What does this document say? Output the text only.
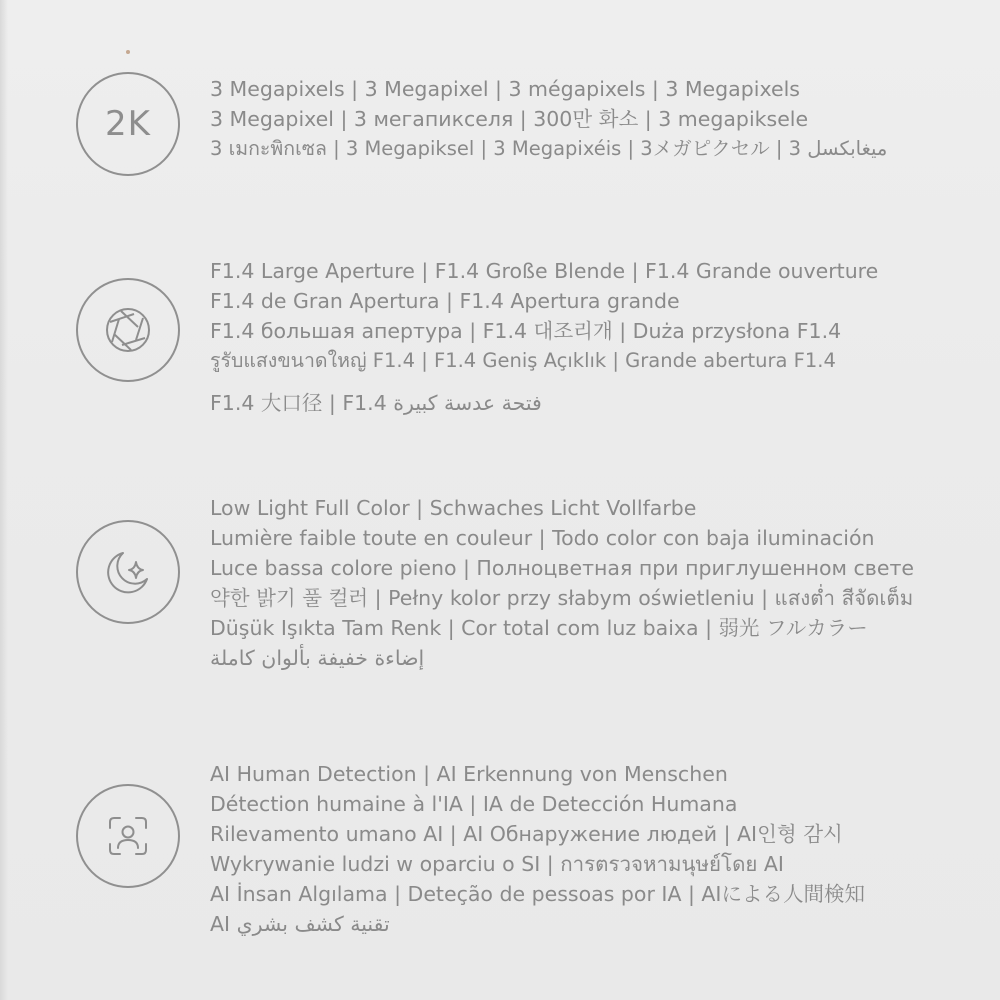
2K
3 Megapixels | 3 Megapixel | 3 mégapixels | 3 Megapixels
3 Megapixel | 3 мегапикселя | 300만 화소 | 3 megapiksele
3 เมกะพิกเซล | 3 Megapiksel | 3 Megapixéis | 3メガピクセル | 3 ميغابكسل
F1.4 Large Aperture | F1.4 Große Blende | F1.4 Grande ouverture
F1.4 de Gran Apertura | F1.4 Apertura grande
F1.4 большая апертура | F1.4 대조리개 | Duża przysłona F1.4
รูรับแสงขนาดใหญ่ F1.4 | F1.4 Geniş Açıklık | Grande abertura F1.4
F1.4 大口径 | F1.4 فتحة عدسة كبيرة
Low Light Full Color | Schwaches Licht Vollfarbe
Lumière faible toute en couleur | Todo color con baja iluminación
Luce bassa colore pieno | Полноцветная при приглушенном свете
약한 밝기 풀 컬러 | Pełny kolor przy słabym oświetleniu | แสงต่ำ สีจัดเต็ม
Düşük Işıkta Tam Renk | Cor total com luz baixa | 弱光 フルカラー
إضاءة خفيفة بألوان كاملة
AI Human Detection | AI Erkennung von Menschen
Détection humaine à l'IA | IA de Detección Humana
Rilevamento umano AI | AI Обнаружение людей | AI인형 감시
Wykrywanie ludzi w oparciu o SI | การตรวจหามนุษย์โดย AI
AI İnsan Algılama | Deteção de pessoas por IA | AIによる人間検知
AI تقنية كشف بشري
